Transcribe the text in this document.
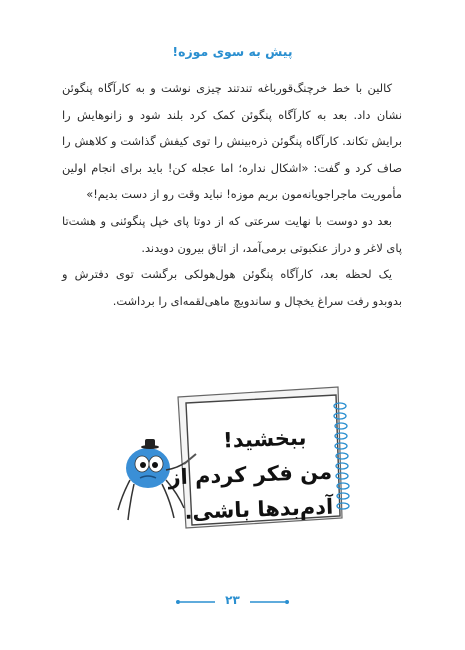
پیش به سوی موزه!

کالین با خط خرچنگ‌قورباغه تندتند چیزی نوشت و به کارآگاه پنگوئن نشان داد. بعد به کارآگاه پنگوئن کمک کرد بلند شود و زانوهایش را برایش تکاند. کارآگاه پنگوئن ذره‌بینش را توی کیفش گذاشت و کلاهش را صاف کرد و گفت: «اشکال نداره؛ اما عجله کن! باید برای انجام اولین مأموریت ماجراجویانه‌مون بریم موزه! نباید وقت رو از دست بدیم!»

بعد دو دوست با نهایت سرعتی که از دوتا پای خپل پنگوئنی و هشت‌تا پای لاغر و دراز عنکبوتی برمی‌آمد، از اتاق بیرون دویدند.

یک لحظه بعد، کارآگاه پنگوئن هول‌هولکی برگشت توی دفترش و بدوبدو رفت سراغ یخچال و ساندویچ ماهی‌لقمه‌ای را برداشت.

ببخشید!
من فکر کردم از
آدم‌بدها باشی.
۲۳
